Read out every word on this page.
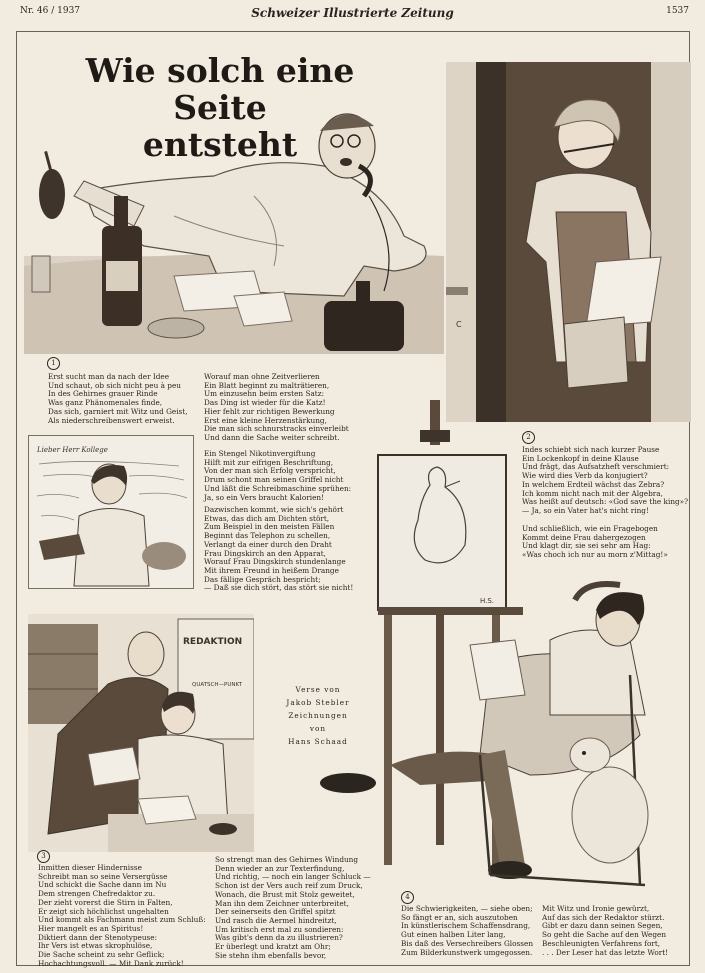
Nr. 46 / 1937	Schweizer Illustrierte Zeitung	1537
Wie solch eine Seite
entsteht
C
1
Erst sucht man da nach der Idee
Und schaut, ob sich nicht peu à peu
In des Gehirnes grauer Rinde
Was ganz Phänomenales finde,
Das sich, garniert mit Witz und Geist,
Als niederschreibenswert erweist.
Worauf man ohne Zeitverlieren
Ein Blatt beginnt zu malträtieren,
Um einzusehn beim ersten Satz:
Das Ding ist wieder für die Katz!
Hier fehlt zur richtigen Bewerkung
Erst eine kleine Herzenstärkung,
Die man sich schnurstracks einverleibt
Und dann die Sache weiter schreibt.
Ein Stengel Nikotinvergiftung
Hilft mit zur eifrigen Beschriftung,
Von der man sich Erfolg verspricht,
Drum schont man seinen Griffel nicht
Und läßt die Schreibmaschine sprühen:
Ja, so ein Vers braucht Kalorien!
Dazwischen kommt, wie sich's gehört
Etwas, das dich am Dichten stört,
Zum Beispiel in den meisten Fällen
Beginnt das Telephon zu schellen,
Verlangt da einer durch den Draht
Frau Dingskirch an den Apparat,
Worauf Frau Dingskirch stundenlange
Mit ihrem Freund in heißem Drange
Das fällige Gespräch bespricht;
— Daß sie dich stört, das stört sie nicht!
Lieber Herr Kollege
2
Indes schiebt sich nach kurzer Pause
Ein Lockenkopf in deine Klause
Und frägt, das Aufsatzheft verschmiert:
Wie wird dies Verb da konjugiert?
In welchem Erdteil wächst das Zebra?
Ich komm nicht nach mit der Algebra,
Was heißt auf deutsch: «God save the king»?
— Ja, so ein Vater hat's nicht ring!
Und schließlich, wie ein Fragebogen
Kommt deine Frau dahergezogen
Und klagt dir, sie sei sehr am Hag:
«Was choch ich nur au morn z'Mittag!»
H.S.
REDAKTION
QUATSCH—PUNKT	Verse von
Jakob Stebler
Zeichnungen
von
Hans Schaad
3
Inmitten dieser Hindernisse
Schreibt man so seine Versergüsse
Und schickt die Sache dann im Nu
Dem strengen Chefredaktor zu.
Der zieht vorerst die Stirn in Falten,
Er zeigt sich höchlichst ungehalten
Und kommt als Fachmann meist zum Schluß:
Hier mangelt es an Spiritus!
Diktiert dann der Stenotypeuse:
Ihr Vers ist etwas skrophulöse,
Die Sache scheint zu sehr Geflick;
Hochachtungsvoll. — Mit Dank zurück!
So strengt man des Gehirnes Windung
Denn wieder an zur Texterfindung,
Und richtig, — noch ein langer Schluck —
Schon ist der Vers auch reif zum Druck,
Wonach, die Brust mit Stolz geweitet,
Man ihn dem Zeichner unterbreitet,
Der seinerseits den Griffel spitzt
Und rasch die Aermel hindreitzt,
Um kritisch erst mal zu sondieren:
Was gibt's denn da zu illustrieren?
Er überlegt und kratzt am Ohr;
Sie stehn ihm ebenfalls bevor,
4
Die Schwierigkeiten, — siehe oben;
So fängt er an, sich auszutoben
In künstlerischem Schaffensdrang,
Gut einen halben Liter lang,
Bis daß des Versechreibers Glossen
Zum Bilderkunstwerk umgegossen.
Mit Witz und Ironie gewürzt,
Auf das sich der Redaktor stürzt.
Gibt er dazu dann seinen Segen,
So geht die Sache auf den Wegen
Beschleunigten Verfahrens fort,
. . . Der Leser hat das letzte Wort!
